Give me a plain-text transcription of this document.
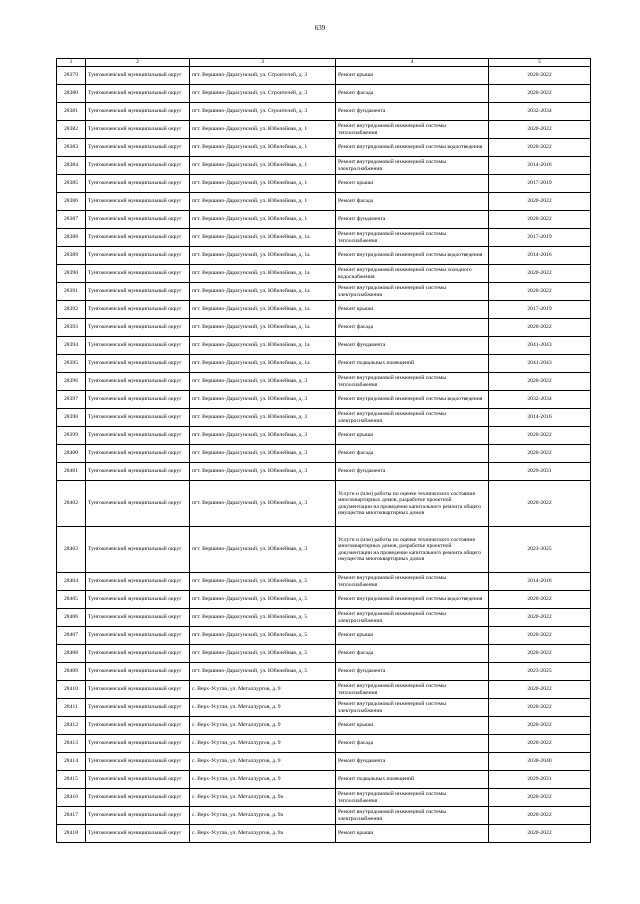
639
1	2	3	4	5
28379	Тунгокоченский муниципальный округ	пгт. Вершино-Дарасунский, ул. Строителей, д. 3	Ремонт крыши	2020-2022
28380	Тунгокоченский муниципальный округ	пгт. Вершино-Дарасунский, ул. Строителей, д. 3	Ремонт фасада	2020-2022
28381	Тунгокоченский муниципальный округ	пгт. Вершино-Дарасунский, ул. Строителей, д. 3	Ремонт фундамента	2032-2034
28382	Тунгокоченский муниципальный округ	пгт. Вершино-Дарасунский, ул. Юбилейная, д. 1	Ремонт внутридомовой инженерной системы теплоснабжения	2020-2022
28383	Тунгокоченский муниципальный округ	пгт. Вершино-Дарасунский, ул. Юбилейная, д. 1	Ремонт внутридомовой инженерной системы водоотведения	2020-2022
28384	Тунгокоченский муниципальный округ	пгт. Вершино-Дарасунский, ул. Юбилейная, д. 1	Ремонт внутридомовой инженерной системы электроснабжения	2014-2016
28385	Тунгокоченский муниципальный округ	пгт. Вершино-Дарасунский, ул. Юбилейная, д. 1	Ремонт крыши	2017-2019
28386	Тунгокоченский муниципальный округ	пгт. Вершино-Дарасунский, ул. Юбилейная, д. 1	Ремонт фасада	2020-2022
28387	Тунгокоченский муниципальный округ	пгт. Вершино-Дарасунский, ул. Юбилейная, д. 1	Ремонт фундамента	2020-2022
28388	Тунгокоченский муниципальный округ	пгт. Вершино-Дарасунский, ул. Юбилейная, д. 1а	Ремонт внутридомовой инженерной системы теплоснабжения	2017-2019
28389	Тунгокоченский муниципальный округ	пгт. Вершино-Дарасунский, ул. Юбилейная, д. 1а	Ремонт внутридомовой инженерной системы водоотведения	2014-2016
28390	Тунгокоченский муниципальный округ	пгт. Вершино-Дарасунский, ул. Юбилейная, д. 1а	Ремонт внутридомовой инженерной системы холодного водоснабжения	2020-2022
28391	Тунгокоченский муниципальный округ	пгт. Вершино-Дарасунский, ул. Юбилейная, д. 1а	Ремонт внутридомовой инженерной системы электроснабжения	2020-2022
28392	Тунгокоченский муниципальный округ	пгт. Вершино-Дарасунский, ул. Юбилейная, д. 1а	Ремонт крыши	2017-2019
28393	Тунгокоченский муниципальный округ	пгт. Вершино-Дарасунский, ул. Юбилейная, д. 1а	Ремонт фасада	2020-2022
28394	Тунгокоченский муниципальный округ	пгт. Вершино-Дарасунский, ул. Юбилейная, д. 1а	Ремонт фундамента	2041-2043
28395	Тунгокоченский муниципальный округ	пгт. Вершино-Дарасунский, ул. Юбилейная, д. 1а	Ремонт подвальных помещений	2041-2043
28396	Тунгокоченский муниципальный округ	пгт. Вершино-Дарасунский, ул. Юбилейная, д. 3	Ремонт внутридомовой инженерной системы теплоснабжения	2020-2022
28397	Тунгокоченский муниципальный округ	пгт. Вершино-Дарасунский, ул. Юбилейная, д. 3	Ремонт внутридомовой инженерной системы водоотведения	2032-2034
28398	Тунгокоченский муниципальный округ	пгт. Вершино-Дарасунский, ул. Юбилейная, д. 3	Ремонт внутридомовой инженерной системы электроснабжения	2014-2016
28399	Тунгокоченский муниципальный округ	пгт. Вершино-Дарасунский, ул. Юбилейная, д. 3	Ремонт крыши	2020-2022
28400	Тунгокоченский муниципальный округ	пгт. Вершино-Дарасунский, ул. Юбилейная, д. 3	Ремонт фасада	2020-2022
28401	Тунгокоченский муниципальный округ	пгт. Вершино-Дарасунский, ул. Юбилейная, д. 3	Ремонт фундамента	2029-2031
28402	Тунгокоченский муниципальный округ	пгт. Вершино-Дарасунский, ул. Юбилейная, д. 3	Услуги и (или) работы по оценке технического состояния многоквартирных домов, разработке проектной документации на проведение капитального ремонта общего имущества многоквартирных домов	2020-2022
28403	Тунгокоченский муниципальный округ	пгт. Вершино-Дарасунский, ул. Юбилейная, д. 3	Услуги и (или) работы по оценке технического состояния многоквартирных домов, разработке проектной документации на проведение капитального ремонта общего имущества многоквартирных домов	2023-2025
28404	Тунгокоченский муниципальный округ	пгт. Вершино-Дарасунский, ул. Юбилейная, д. 5	Ремонт внутридомовой инженерной системы теплоснабжения	2014-2016
28405	Тунгокоченский муниципальный округ	пгт. Вершино-Дарасунский, ул. Юбилейная, д. 5	Ремонт внутридомовой инженерной системы водоотведения	2020-2022
28406	Тунгокоченский муниципальный округ	пгт. Вершино-Дарасунский, ул. Юбилейная, д. 5	Ремонт внутридомовой инженерной системы электроснабжения	2020-2022
28407	Тунгокоченский муниципальный округ	пгт. Вершино-Дарасунский, ул. Юбилейная, д. 5	Ремонт крыши	2020-2022
28408	Тунгокоченский муниципальный округ	пгт. Вершино-Дарасунский, ул. Юбилейная, д. 5	Ремонт фасада	2020-2022
28409	Тунгокоченский муниципальный округ	пгт. Вершино-Дарасунский, ул. Юбилейная, д. 5	Ремонт фундамента	2023-2025
28410	Тунгокоченский муниципальный округ	с. Верх-Усугли, ул. Металлургов, д. 9	Ремонт внутридомовой инженерной системы теплоснабжения	2020-2022
28411	Тунгокоченский муниципальный округ	с. Верх-Усугли, ул. Металлургов, д. 9	Ремонт внутридомовой инженерной системы электроснабжения	2020-2022
28412	Тунгокоченский муниципальный округ	с. Верх-Усугли, ул. Металлургов, д. 9	Ремонт крыши	2020-2022
28413	Тунгокоченский муниципальный округ	с. Верх-Усугли, ул. Металлургов, д. 9	Ремонт фасада	2020-2022
28414	Тунгокоченский муниципальный округ	с. Верх-Усугли, ул. Металлургов, д. 9	Ремонт фундамента	2038-2040
28415	Тунгокоченский муниципальный округ	с. Верх-Усугли, ул. Металлургов, д. 9	Ремонт подвальных помещений	2029-2031
28416	Тунгокоченский муниципальный округ	с. Верх-Усугли, ул. Металлургов, д. 9а	Ремонт внутридомовой инженерной системы теплоснабжения	2020-2022
28417	Тунгокоченский муниципальный округ	с. Верх-Усугли, ул. Металлургов, д. 9а	Ремонт внутридомовой инженерной системы электроснабжения	2020-2022
28418	Тунгокоченский муниципальный округ	с. Верх-Усугли, ул. Металлургов, д. 9а	Ремонт крыши	2020-2022
